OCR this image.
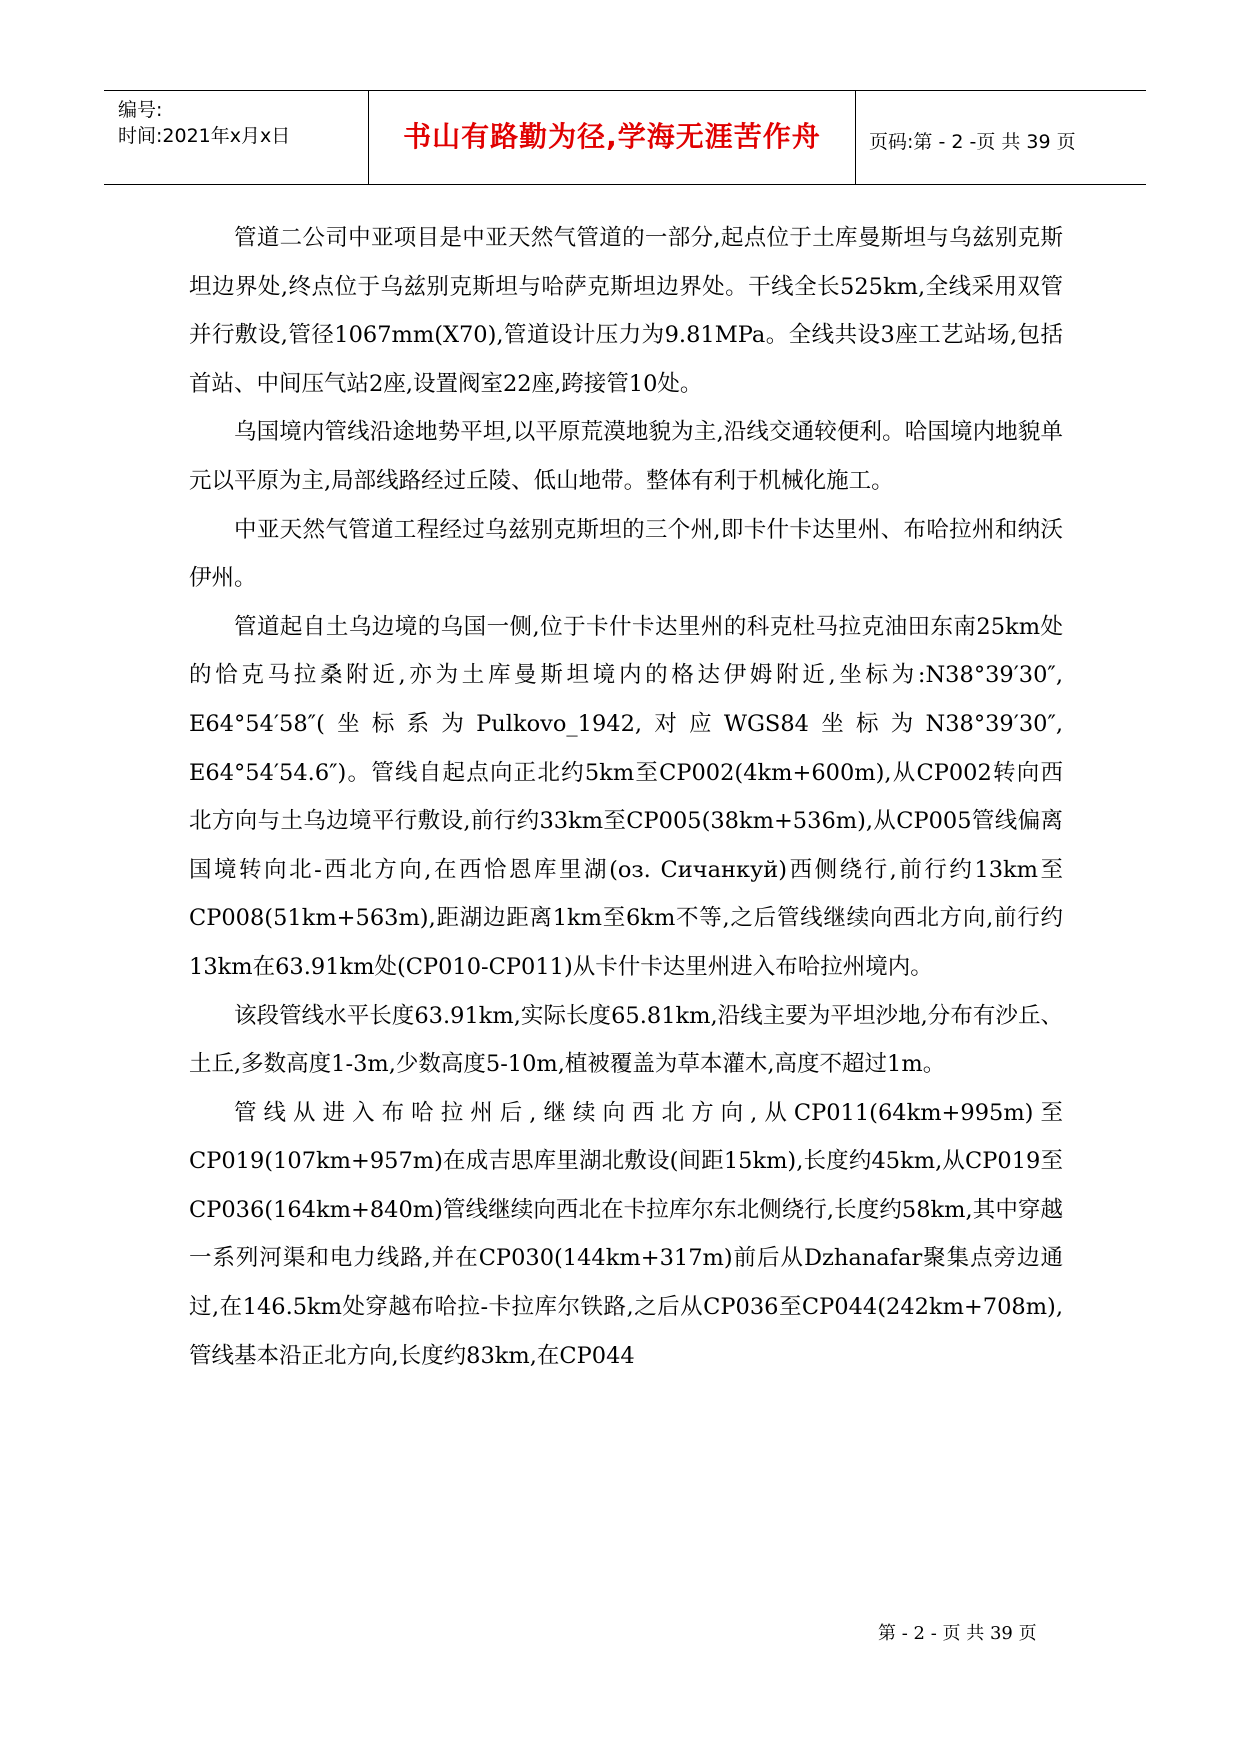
编号:
时间:2021年x月x日	书山有路勤为径,学海无涯苦作舟	页码:第 - 2 -页 共 39 页

管道二公司中亚项目是中亚天然气管道的一部分,起点位于土库曼斯坦与乌兹别克斯坦边界处,终点位于乌兹别克斯坦与哈萨克斯坦边界处。干线全长525km,全线采用双管并行敷设,管径1067mm(X70),管道设计压力为9.81MPa。全线共设3座工艺站场,包括首站、中间压气站2座,设置阀室22座,跨接管10处。

乌国境内管线沿途地势平坦,以平原荒漠地貌为主,沿线交通较便利。哈国境内地貌单元以平原为主,局部线路经过丘陵、低山地带。整体有利于机械化施工。

中亚天然气管道工程经过乌兹别克斯坦的三个州,即卡什卡达里州、布哈拉州和纳沃伊州。

管道起自土乌边境的乌国一侧,位于卡什卡达里州的科克杜马拉克油田东南25km处的恰克马拉桑附近,亦为土库曼斯坦境内的格达伊姆附近,坐标为:N38°39′30″, E64°54′58″(坐标系为Pulkovo_1942,对应WGS84坐标为N38°39′30″, E64°54′54.6″)。管线自起点向正北约5km至CP002(4km+600m),从CP002转向西北方向与土乌边境平行敷设,前行约33km至CP005(38km+536m),从CP005管线偏离国境转向北-西北方向,在西恰恩库里湖(оз. Сичанкуй)西侧绕行,前行约13km至CP008(51km+563m),距湖边距离1km至6km不等,之后管线继续向西北方向,前行约13km在63.91km处(CP010-CP011)从卡什卡达里州进入布哈拉州境内。

该段管线水平长度63.91km,实际长度65.81km,沿线主要为平坦沙地,分布有沙丘、土丘,多数高度1-3m,少数高度5-10m,植被覆盖为草本灌木,高度不超过1m。

管线从进入布哈拉州后,继续向西北方向,从CP011(64km+995m)至CP019(107km+957m)在成吉思库里湖北敷设(间距15km),长度约45km,从CP019至CP036(164km+840m)管线继续向西北在卡拉库尔东北侧绕行,长度约58km,其中穿越一系列河渠和电力线路,并在CP030(144km+317m)前后从Dzhanafar聚集点旁边通过,在146.5km处穿越布哈拉-卡拉库尔铁路,之后从CP036至CP044(242km+708m),管线基本沿正北方向,长度约83km,在CP044

第 - 2 - 页 共 39 页
